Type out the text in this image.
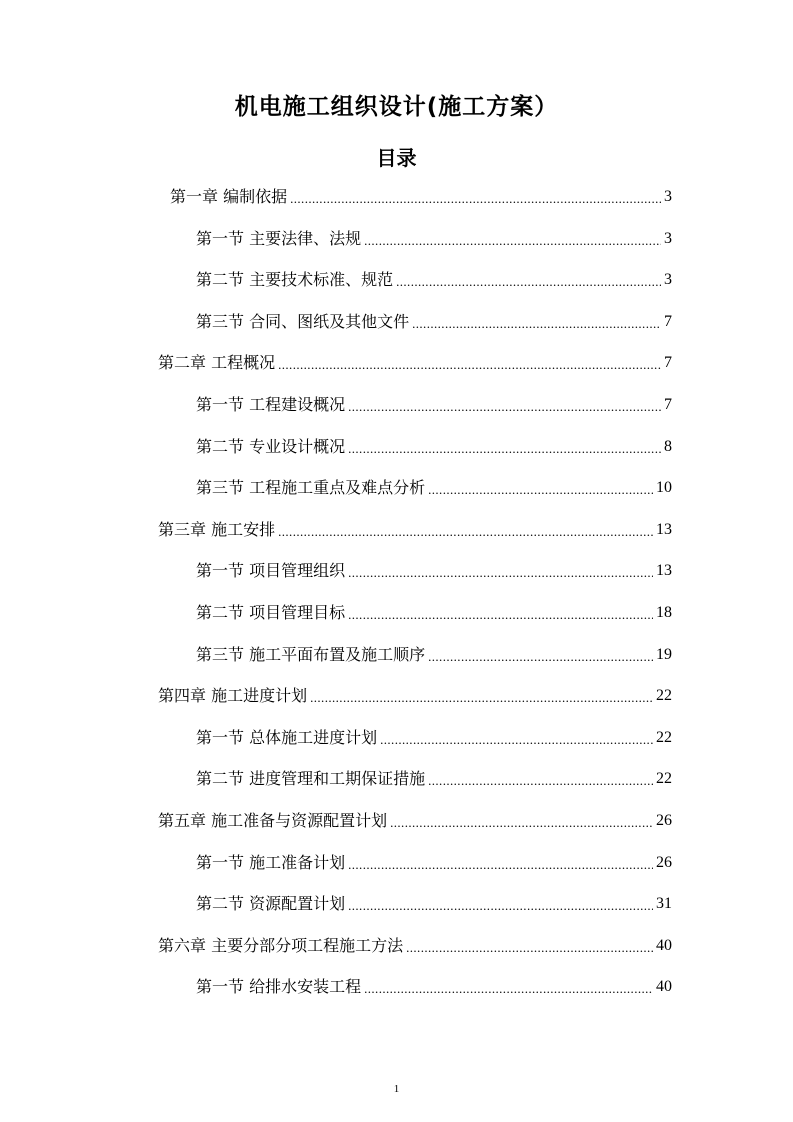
机电施工组织设计(施工方案）
目录
第一章 编制依据 .....	3
第一节 主要法律、法规 .....	3
第二节 主要技术标准、规范 .....	3
第三节 合同、图纸及其他文件 .....	7
第二章 工程概况 .....	7
第一节 工程建设概况 .....	7
第二节 专业设计概况 .....	8
第三节 工程施工重点及难点分析 .....	10
第三章 施工安排 .....	13
第一节 项目管理组织 .....	13
第二节 项目管理目标 .....	18
第三节 施工平面布置及施工顺序 .....	19
第四章 施工进度计划 .....	22
第一节 总体施工进度计划 .....	22
第二节 进度管理和工期保证措施 .....	22
第五章 施工准备与资源配置计划 .....	26
第一节 施工准备计划 .....	26
第二节 资源配置计划 .....	31
第六章 主要分部分项工程施工方法 .....	40
第一节 给排水安装工程 .....	40
1
